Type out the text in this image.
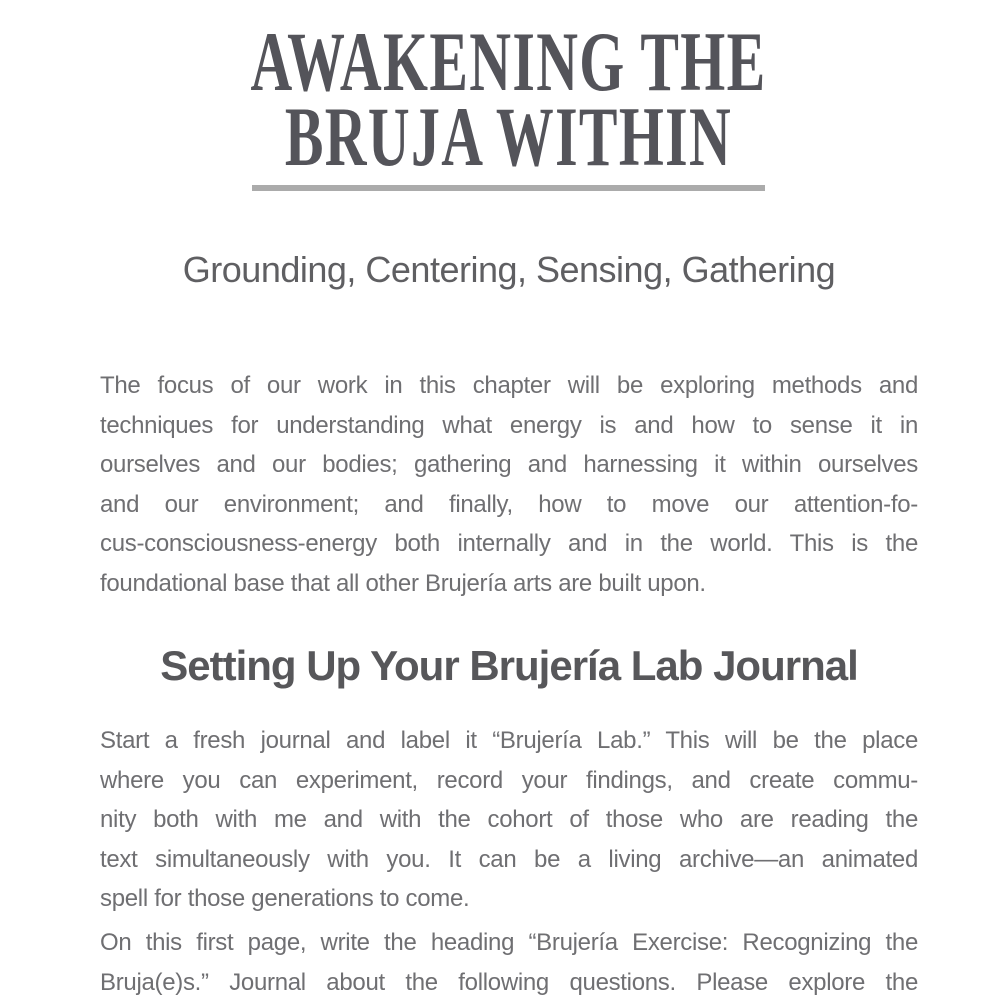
AWAKENING THE
BRUJA WITHIN
Grounding, Centering, Sensing, Gathering
The focus of our work in this chapter will be exploring methods and
techniques for understanding what energy is and how to sense it in
ourselves and our bodies; gathering and harnessing it within ourselves
and our environment; and finally, how to move our attention-fo-
cus-consciousness-energy both internally and in the world. This is the
foundational base that all other Brujería arts are built upon.
Setting Up Your Brujería Lab Journal
Start a fresh journal and label it “Brujería Lab.” This will be the place
where you can experiment, record your findings, and create commu-
nity both with me and with the cohort of those who are reading the
text simultaneously with you. It can be a living archive—an animated
spell for those generations to come.
On this first page, write the heading “Brujería Exercise: Recognizing the
Bruja(e)s.” Journal about the following questions. Please explore the
